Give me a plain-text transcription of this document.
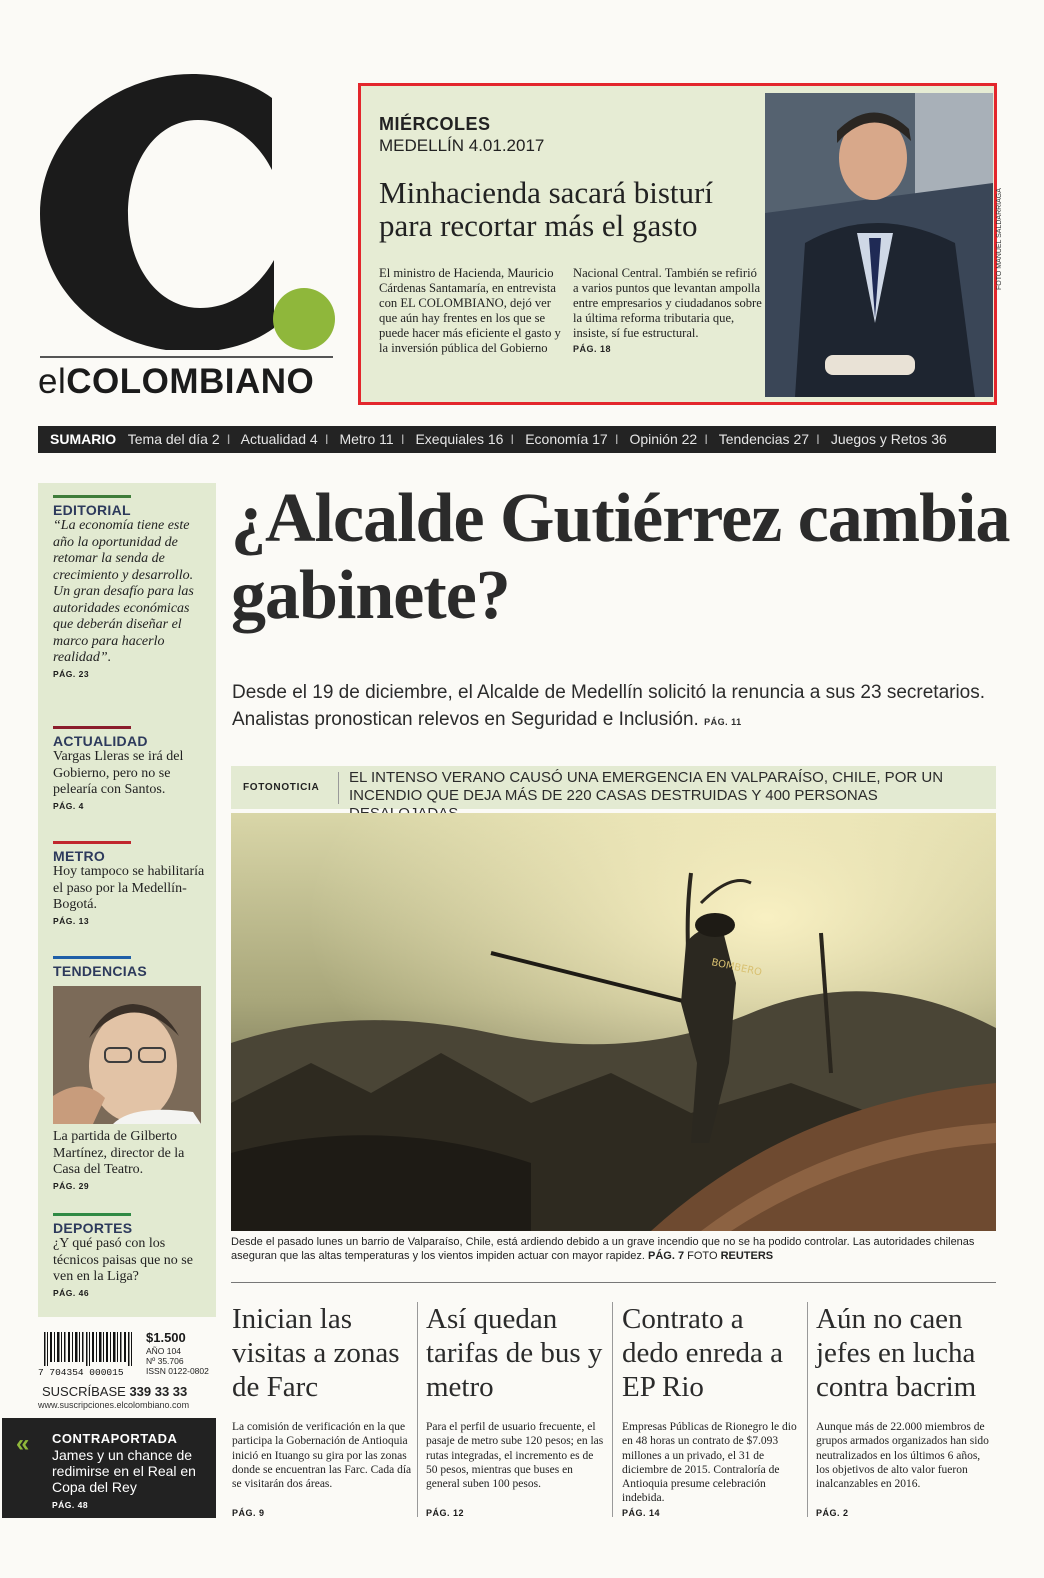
elCOLOMBIANO
MIÉRCOLES
MEDELLÍN 4.01.2017
Minhacienda sacará bisturí para recortar más el gasto
El ministro de Hacienda, Mauricio Cárdenas Santamaría, en entrevista con EL COLOMBIANO, dejó ver que aún hay frentes en los que se puede hacer más eficiente el gasto y la inversión pública del Gobierno
Nacional Central. También se refirió a varios puntos que levantan ampolla entre empresarios y ciudadanos sobre la última reforma tributaria que, insiste, sí fue estructural.
PÁG. 18
FOTO MANUEL SALDARRIAGA
SUMARIO Tema del día 2 I Actualidad 4 I Metro 11 I Exequiales 16 I Economía 17 I Opinión 22 I Tendencias 27 I Juegos y Retos 36
EDITORIAL
“La economía tiene este año la oportunidad de retomar la senda de crecimiento y desarrollo. Un gran desafío para las autoridades económicas que deberán diseñar el marco para hacerlo realidad”.
PÁG. 23
ACTUALIDAD
Vargas Lleras se irá del Gobierno, pero no se pelearía con Santos.
PÁG. 4
METRO
Hoy tampoco se habilitaría el paso por la Medellín-Bogotá.
PÁG. 13
TENDENCIAS
La partida de Gilberto Martínez, director de la Casa del Teatro.
PÁG. 29
DEPORTES
¿Y qué pasó con los técnicos paisas que no se ven en la Liga?
PÁG. 46
7 704354 000015
$1.500
AÑO 104
Nº 35.706
ISSN 0122-0802
SUSCRÍBASE 339 33 33
www.suscripciones.elcolombiano.com
« CONTRAPORTADA
James y un chance de redimirse en el Real en Copa del Rey
PÁG. 48
¿Alcalde Gutiérrez cambia gabinete?
Desde el 19 de diciembre, el Alcalde de Medellín solicitó la renuncia a sus 23 secretarios. Analistas pronostican relevos en Seguridad e Inclusión. PÁG. 11
FOTONOTICIA
EL INTENSO VERANO CAUSÓ UNA EMERGENCIA EN VALPARAÍSO, CHILE, POR UN INCENDIO QUE DEJA MÁS DE 220 CASAS DESTRUIDAS Y 400 PERSONAS
BOMBERO
Desde el pasado lunes un barrio de Valparaíso, Chile, está ardiendo debido a un grave incendio que no se ha podido controlar. Las autoridades chilenas aseguran que las altas temperaturas y los vientos impiden actuar con mayor rapidez. PÁG. 7 FOTO REUTERS
Inician las visitas a zonas de Farc

La comisión de verificación en la que participa la Gobernación de Antioquia inició en Ituango su gira por las zonas donde se encuentran las Farc. Cada día se visitarán dos áreas.

PÁG. 9
Así quedan tarifas de bus y metro

Para el perfil de usuario frecuente, el pasaje de metro sube 120 pesos; en las rutas integradas, el incremento es de 50 pesos, mientras que buses en general suben 100 pesos.

PÁG. 12
Contrato a dedo enreda a EP Rio

Empresas Públicas de Rionegro le dio en 48 horas un contrato de $7.093 millones a un privado, el 31 de diciembre de 2015. Contraloría de Antioquia presume celebración indebida.

PÁG. 14
Aún no caen jefes en lucha contra bacrim

Aunque más de 22.000 miembros de grupos armados organizados han sido neutralizados en los últimos 6 años, los objetivos de alto valor fueron inalcanzables en 2016.

PÁG. 2
